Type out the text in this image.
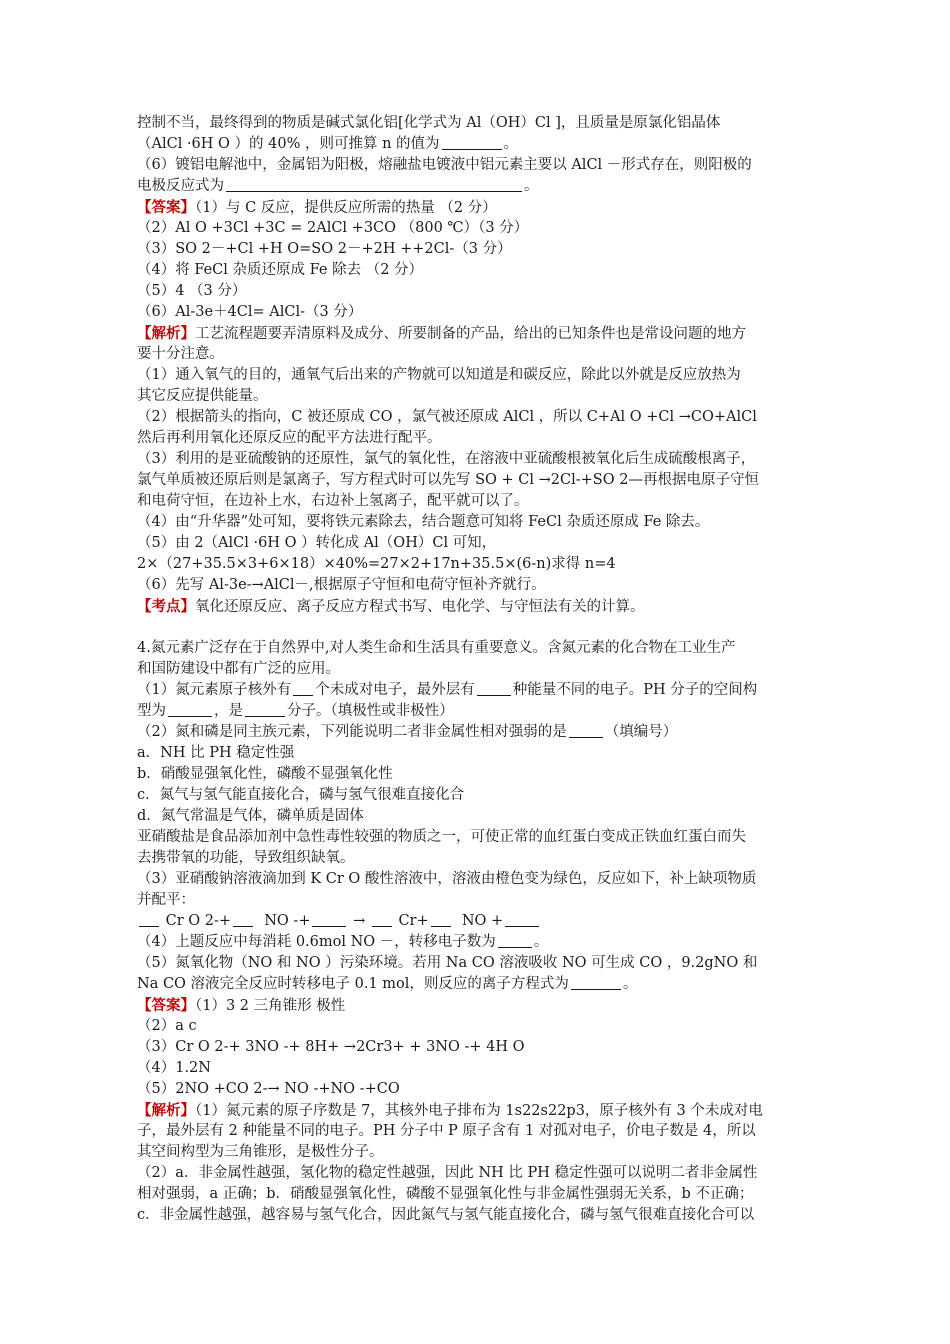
控制不当，最终得到的物质是碱式氯化铝[化学式为 Al（OH）Cl ]，且质量是原氯化铝晶体
（AlCl ·6H O ）的 40% ，则可推算 n 的值为	。
（6）镀铝电解池中，金属铝为阳极，熔融盐电镀液中铝元素主要以 AlCl －形式存在，则阳极的
电极反应式为	。
【答案】（1）与 C 反应，提供反应所需的热量 （2 分）
（2）Al O +3Cl +3C = 2AlCl +3CO （800 ℃）（3 分）
（3）SO 2－+Cl +H O=SO 2－+2H ++2Cl-（3 分）
（4）将 FeCl 杂质还原成 Fe 除去 （2 分）
（5）4 （3 分）
（6）Al-3e＋4Cl= AlCl-（3 分）
【解析】工艺流程题要弄清原料及成分、所要制备的产品，给出的已知条件也是常设问题的地方
要十分注意。
（1）通入氧气的目的，通氧气后出来的产物就可以知道是和碳反应，除此以外就是反应放热为
其它反应提供能量。
（2）根据箭头的指向，C 被还原成 CO ，氯气被还原成 AlCl ，所以 C+Al O +Cl →CO+AlCl
然后再利用氧化还原反应的配平方法进行配平。
（3）利用的是亚硫酸钠的还原性，氯气的氧化性，在溶液中亚硫酸根被氧化后生成硫酸根离子，
氯气单质被还原后则是氯离子，写方程式时可以先写 SO + Cl →2Cl-+SO 2—再根据电原子守恒
和电荷守恒，在边补上水，右边补上氢离子，配平就可以了。
（4）由“升华器”处可知，要将铁元素除去，结合题意可知将 FeCl 杂质还原成 Fe 除去。
（5）由 2（AlCl ·6H O ）转化成 Al（OH）Cl 可知，
2×（27+35.5×3+6×18）×40%=27×2+17n+35.5×(6-n)求得 n=4
（6）先写 Al-3e-→AlCl－,根据原子守恒和电荷守恒补齐就行。
【考点】氧化还原反应、离子反应方程式书写、电化学、与守恒法有关的计算。
4.氮元素广泛存在于自然界中,对人类生命和生活具有重要意义。含氮元素的化合物在工业生产
和国防建设中都有广泛的应用。
（1）氮元素原子核外有 个未成对电子，最外层有	种能量不同的电子。PH 分子的空间构
型为	，是	分子。（填极性或非极性）
（2）氮和磷是同主族元素，下列能说明二者非金属性相对强弱的是	（填编号）
a．NH 比 PH 稳定性强
b．硝酸显强氧化性，磷酸不显强氧化性
c．氮气与氢气能直接化合，磷与氢气很难直接化合
d．氮气常温是气体，磷单质是固体
亚硝酸盐是食品添加剂中急性毒性较强的物质之一，可使正常的血红蛋白变成正铁血红蛋白而失
去携带氧的功能，导致组织缺氧。
（3）亚硝酸钠溶液滴加到 K Cr O 酸性溶液中，溶液由橙色变为绿色，反应如下，补上缺项物质
并配平：
Cr O 2-+ NO -+	→ Cr+ NO +
（4）上题反应中每消耗 0.6mol NO －，转移电子数为	。
（5）氮氧化物（NO 和 NO ）污染环境。若用 Na CO 溶液吸收 NO 可生成 CO ，9.2gNO 和
Na CO 溶液完全反应时转移电子 0.1 mol，则反应的离子方程式为	。
【答案】（1）3 2 三角锥形 极性
（2）a c
（3）Cr O 2-+ 3NO -+ 8H+ →2Cr3+ + 3NO -+ 4H O
（4）1.2N
（5）2NO +CO 2-→ NO -+NO -+CO
【解析】（1）氮元素的原子序数是 7，其核外电子排布为 1s22s22p3，原子核外有 3 个未成对电
子，最外层有 2 种能量不同的电子。PH 分子中 P 原子含有 1 对孤对电子，价电子数是 4，所以
其空间构型为三角锥形，是极性分子。
（2）a．非金属性越强，氢化物的稳定性越强，因此 NH 比 PH 稳定性强可以说明二者非金属性
相对强弱，a 正确；b．硝酸显强氧化性，磷酸不显强氧化性与非金属性强弱无关系，b 不正确；
c．非金属性越强，越容易与氢气化合，因此氮气与氢气能直接化合，磷与氢气很难直接化合可以
